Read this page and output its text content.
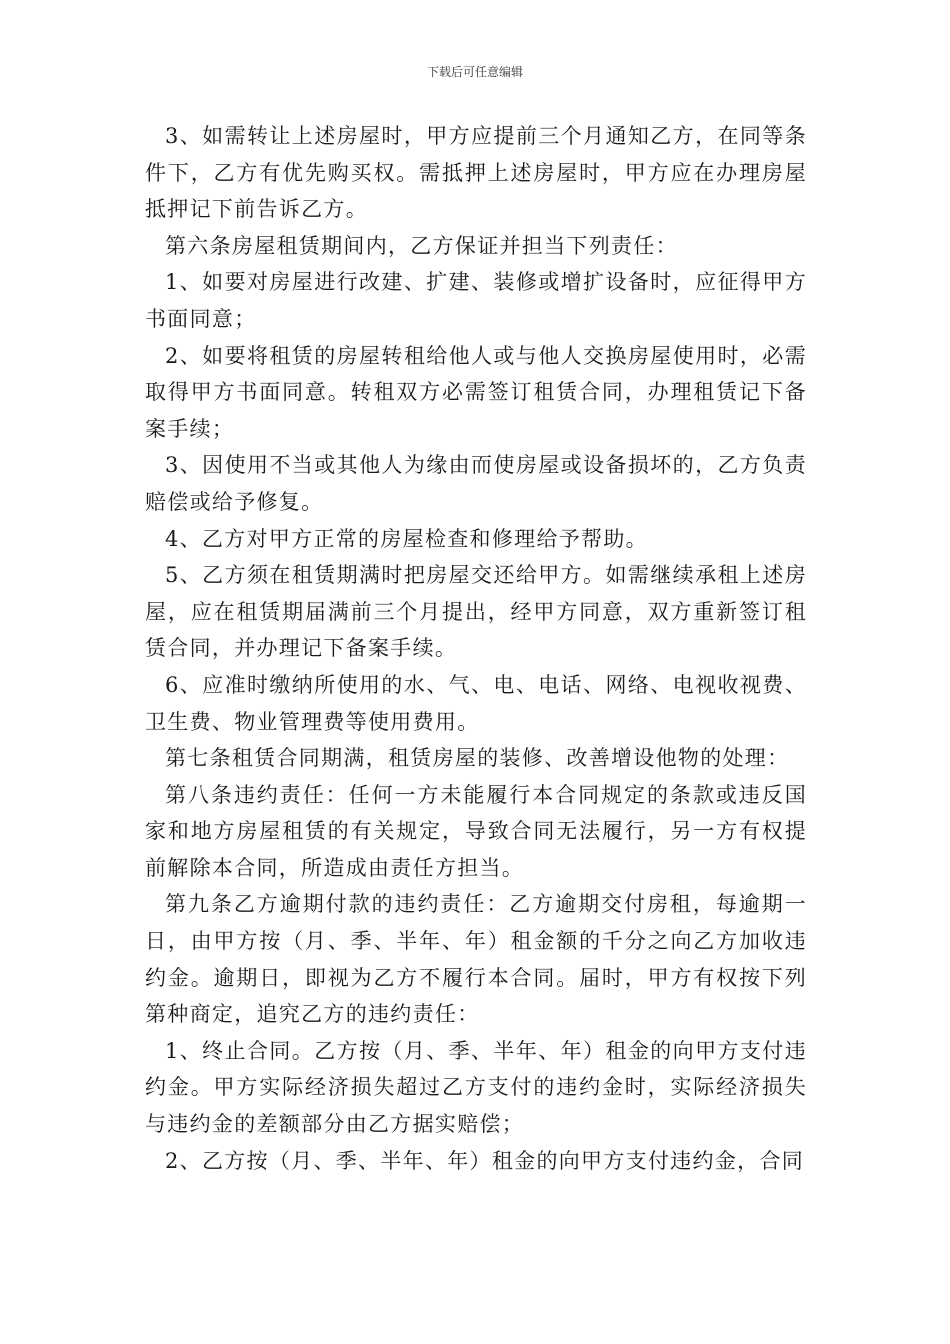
下载后可任意编辑

3、如需转让上述房屋时，甲方应提前三个月通知乙方，在同等条件下，乙方有优先购买权。需抵押上述房屋时，甲方应在办理房屋抵押记下前告诉乙方。

第六条房屋租赁期间内，乙方保证并担当下列责任：

1、如要对房屋进行改建、扩建、装修或增扩设备时，应征得甲方书面同意；

2、如要将租赁的房屋转租给他人或与他人交换房屋使用时，必需取得甲方书面同意。转租双方必需签订租赁合同，办理租赁记下备案手续；

3、因使用不当或其他人为缘由而使房屋或设备损坏的，乙方负责赔偿或给予修复。

4、乙方对甲方正常的房屋检查和修理给予帮助。

5、乙方须在租赁期满时把房屋交还给甲方。如需继续承租上述房屋，应在租赁期届满前三个月提出，经甲方同意，双方重新签订租赁合同，并办理记下备案手续。

6、应准时缴纳所使用的水、气、电、电话、网络、电视收视费、卫生费、物业管理费等使用费用。

第七条租赁合同期满，租赁房屋的装修、改善增设他物的处理：

第八条违约责任：任何一方未能履行本合同规定的条款或违反国家和地方房屋租赁的有关规定，导致合同无法履行，另一方有权提前解除本合同，所造成由责任方担当。

第九条乙方逾期付款的违约责任：乙方逾期交付房租，每逾期一日，由甲方按（月、季、半年、年）租金额的千分之向乙方加收违约金。逾期日，即视为乙方不履行本合同。届时，甲方有权按下列第种商定，追究乙方的违约责任：

1、终止合同。乙方按（月、季、半年、年）租金的向甲方支付违约金。甲方实际经济损失超过乙方支付的违约金时，实际经济损失与违约金的差额部分由乙方据实赔偿；

2、乙方按（月、季、半年、年）租金的向甲方支付违约金，合同
